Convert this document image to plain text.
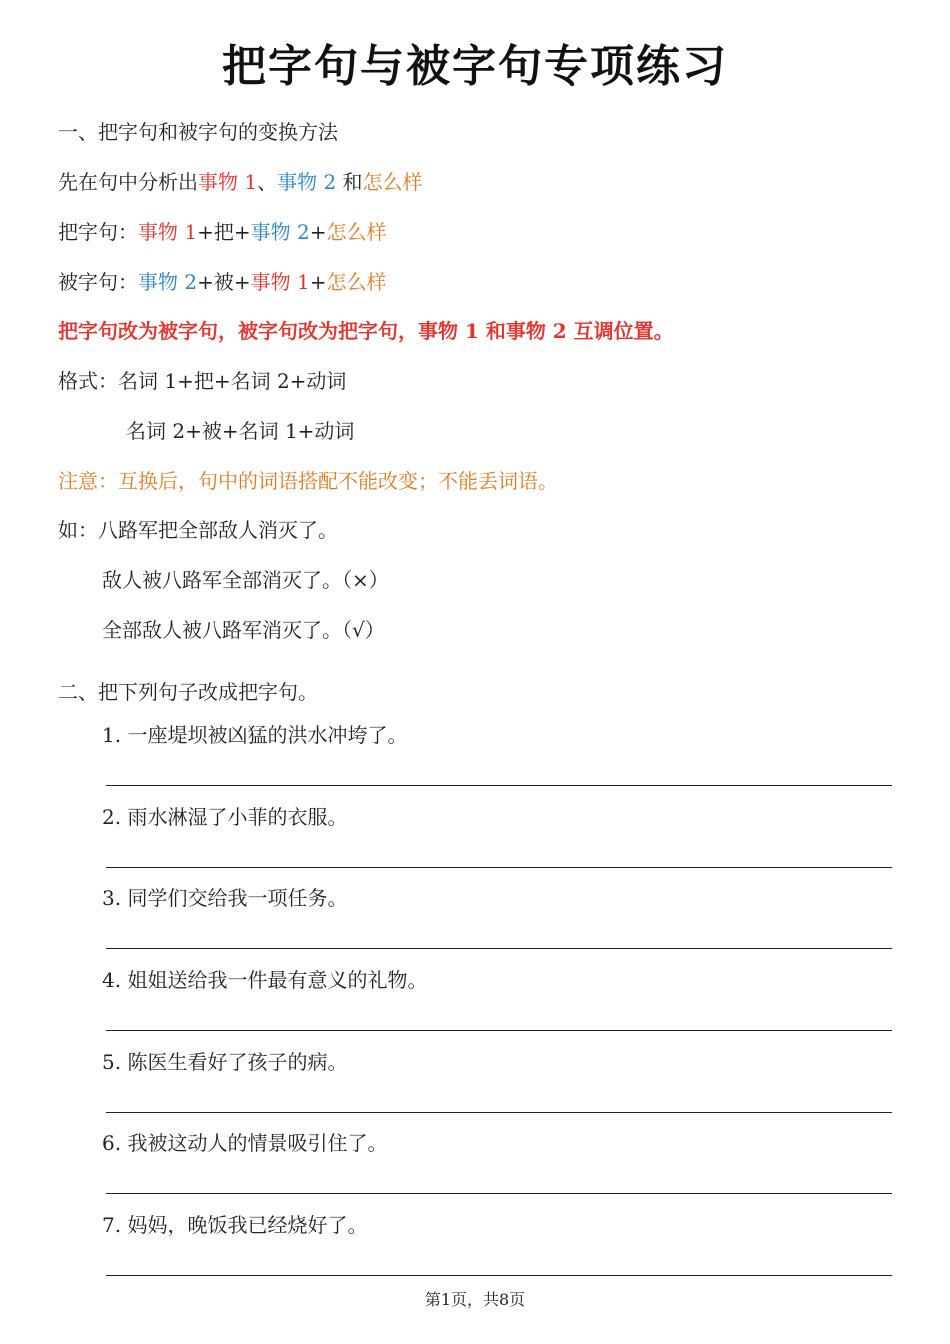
把字句与被字句专项练习
一、把字句和被字句的变换方法
先在句中分析出事物 1、事物 2 和怎么样
把字句：事物 1+把+事物 2+怎么样
被字句：事物 2+被+事物 1+怎么样
把字句改为被字句，被字句改为把字句，事物 1 和事物 2 互调位置。
格式：名词 1+把+名词 2+动词
名词 2+被+名词 1+动词
注意：互换后，句中的词语搭配不能改变；不能丢词语。
如：八路军把全部敌人消灭了。
敌人被八路军全部消灭了。（×）
全部敌人被八路军消灭了。（√）
二、把下列句子改成把字句。
1. 一座堤坝被凶猛的洪水冲垮了。
2. 雨水淋湿了小菲的衣服。
3. 同学们交给我一项任务。
4. 姐姐送给我一件最有意义的礼物。
5. 陈医生看好了孩子的病。
6. 我被这动人的情景吸引住了。
7. 妈妈，晚饭我已经烧好了。
第1页，共8页
